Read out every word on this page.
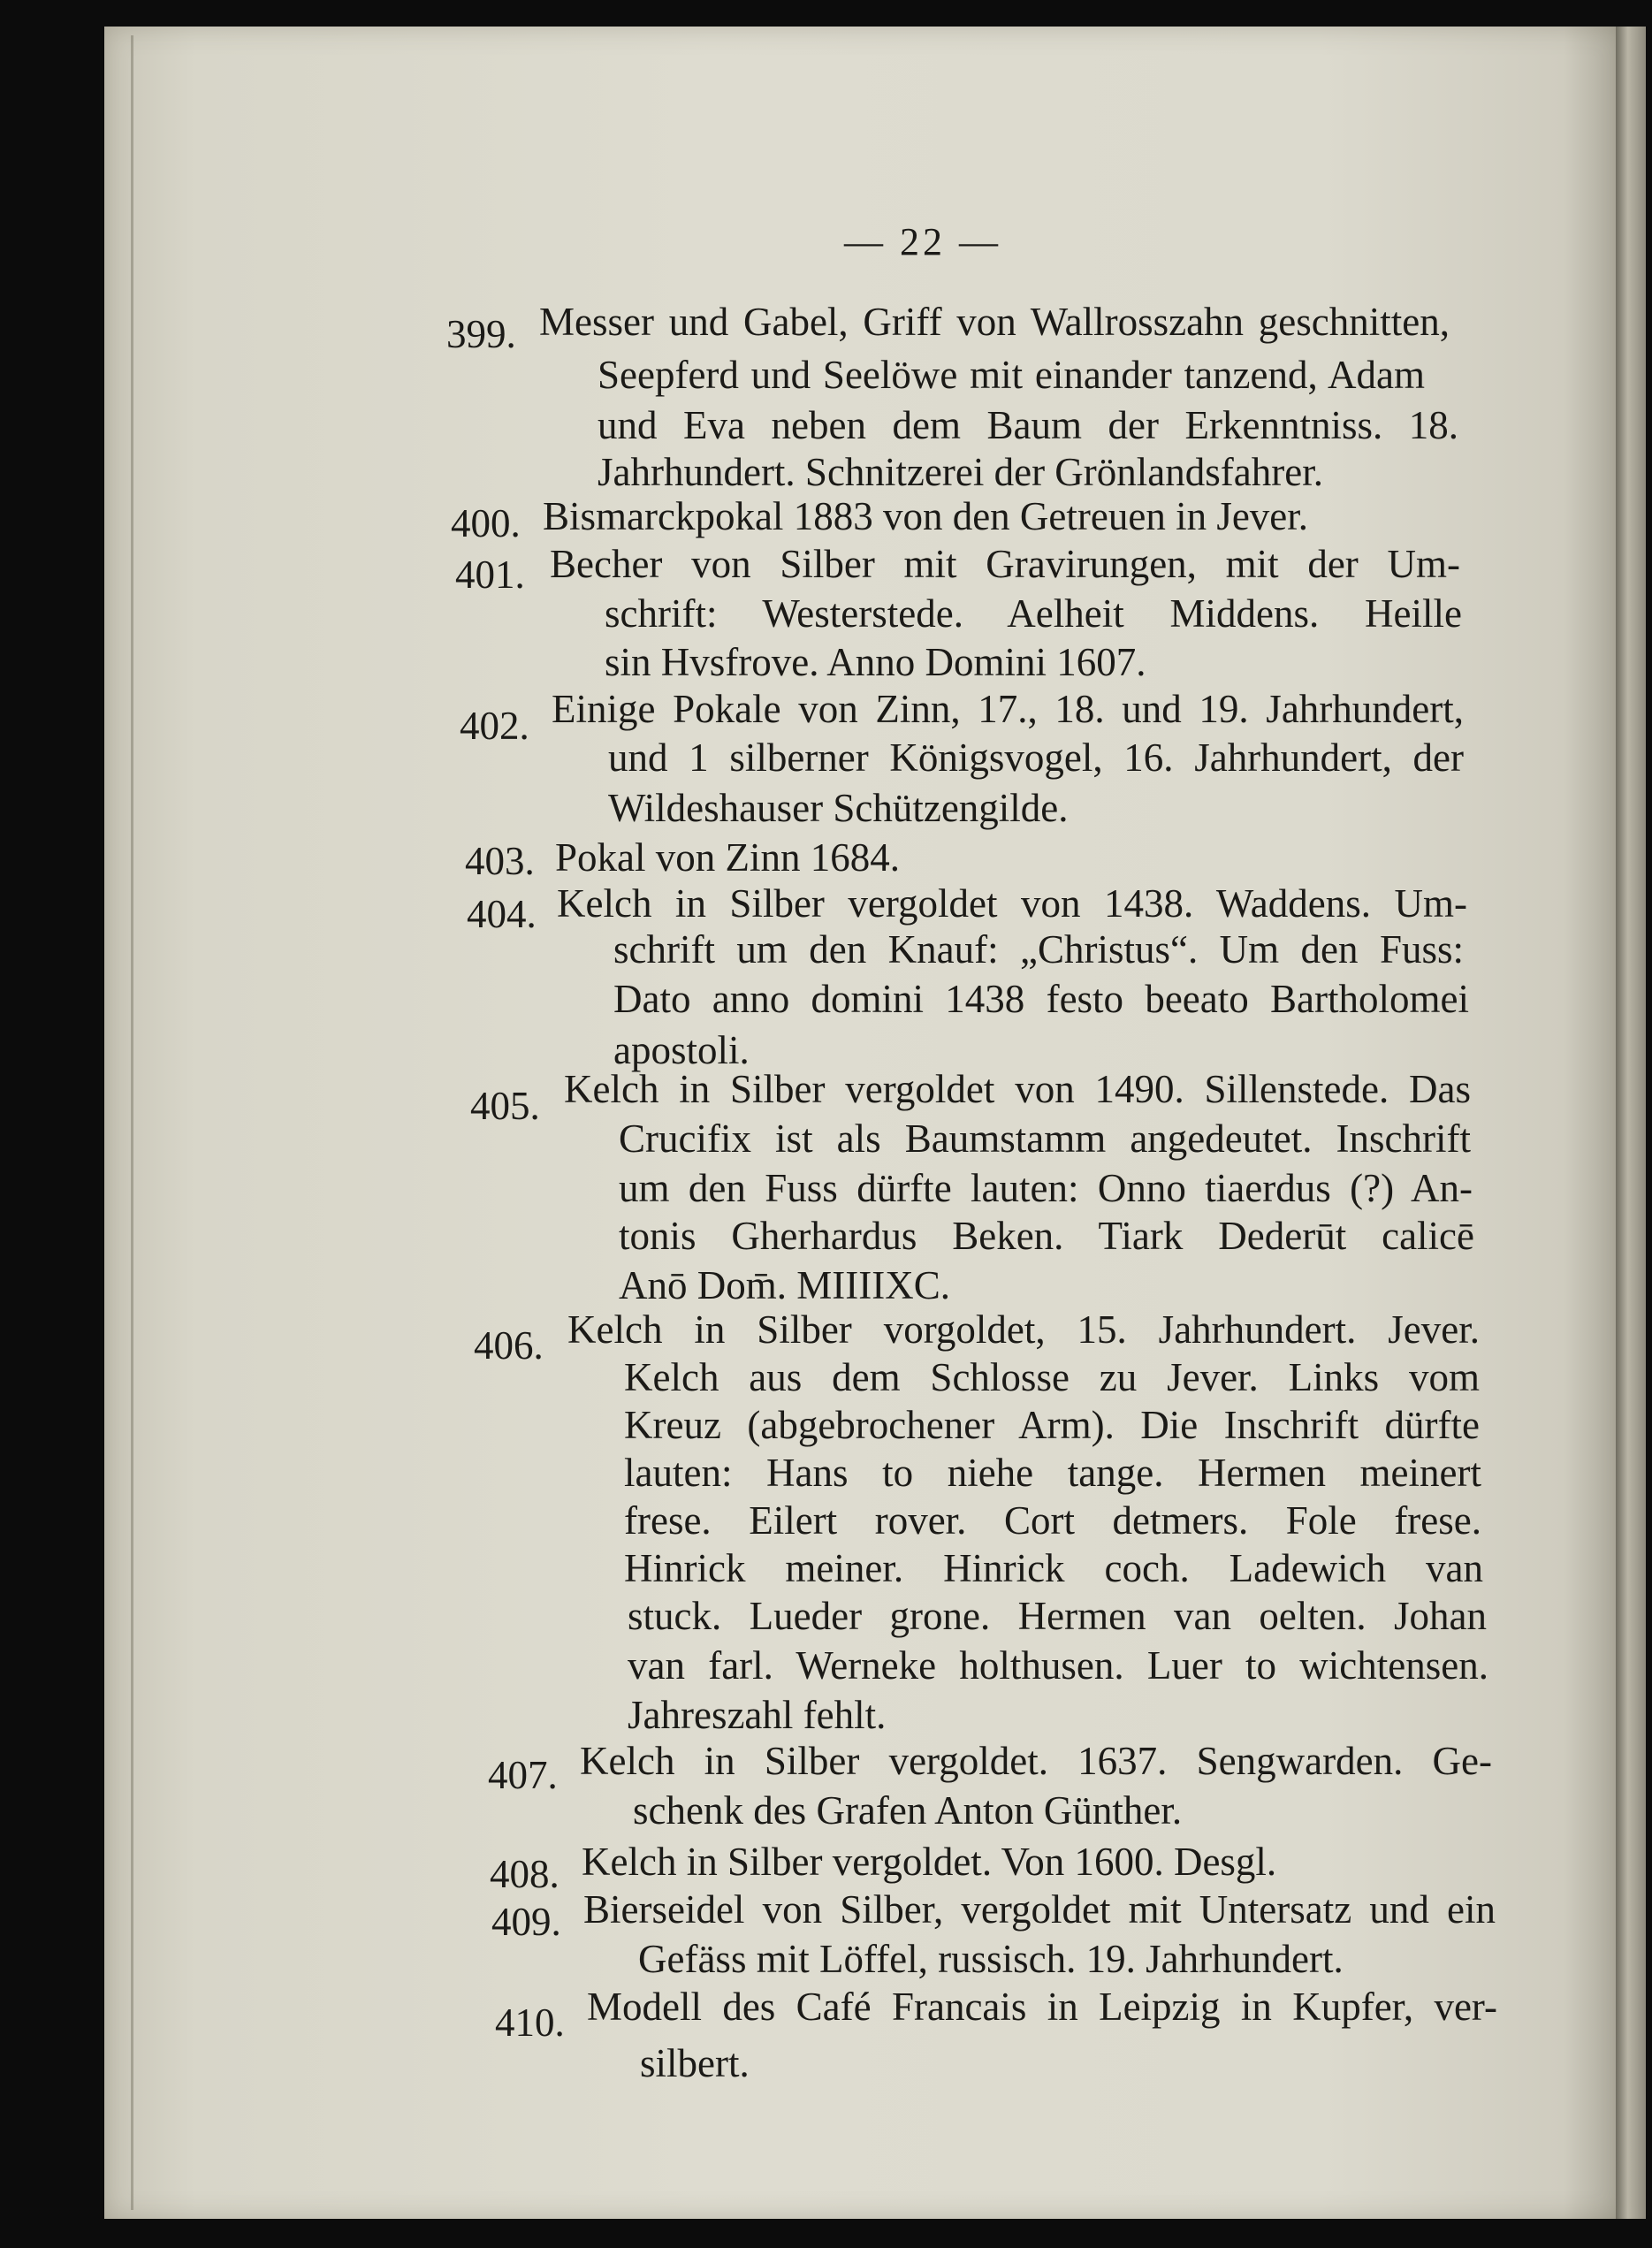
— 22 —
399. Messer und Gabel, Griff von Wallrosszahn geschnitten,
Seepferd und Seelöwe mit einander tanzend, Adam
und Eva neben dem Baum der Erkenntniss. 18.
Jahrhundert. Schnitzerei der Grönlandsfahrer.
400. Bismarckpokal 1883 von den Getreuen in Jever.
401. Becher von Silber mit Gravirungen, mit der Um-
schrift: Westerstede. Aelheit Middens. Heille
sin Hvsfrove. Anno Domini 1607.
402. Einige Pokale von Zinn, 17., 18. und 19. Jahrhundert,
und 1 silberner Königsvogel, 16. Jahrhundert, der
Wildeshauser Schützengilde.
403. Pokal von Zinn 1684.
404. Kelch in Silber vergoldet von 1438. Waddens. Um-
schrift um den Knauf: „Christus“. Um den Fuss:
Dato anno domini 1438 festo beeato Bartholomei
apostoli.
405. Kelch in Silber vergoldet von 1490. Sillenstede. Das
Crucifix ist als Baumstamm angedeutet. Inschrift
um den Fuss dürfte lauten: Onno tiaerdus (?) An-
tonis Gherhardus Beken. Tiark Dederūt calicē
Anō Dom̄. MIIIIXC.
406. Kelch in Silber vorgoldet, 15. Jahrhundert. Jever.
Kelch aus dem Schlosse zu Jever. Links vom
Kreuz (abgebrochener Arm). Die Inschrift dürfte
lauten: Hans to niehe tange. Hermen meinert
frese. Eilert rover. Cort detmers. Fole frese.
Hinrick meiner. Hinrick coch. Ladewich van
stuck. Lueder grone. Hermen van oelten. Johan
van farl. Werneke holthusen. Luer to wichtensen.
Jahreszahl fehlt.
407. Kelch in Silber vergoldet. 1637. Sengwarden. Ge-
schenk des Grafen Anton Günther.
408. Kelch in Silber vergoldet. Von 1600. Desgl.
409. Bierseidel von Silber, vergoldet mit Untersatz und ein
Gefäss mit Löffel, russisch. 19. Jahrhundert.
410. Modell des Café Francais in Leipzig in Kupfer, ver-
silbert.
